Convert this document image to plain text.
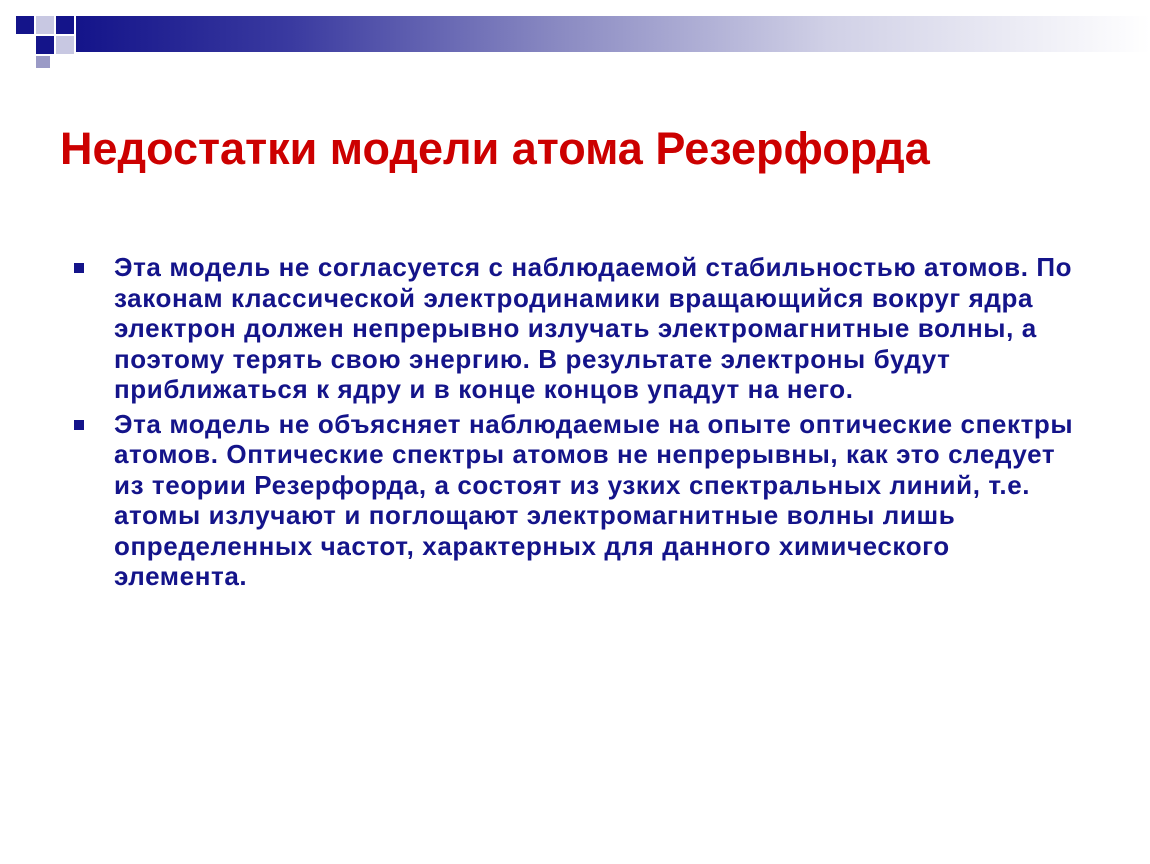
Недостатки модели атома Резерфорда
Эта модель не согласуется с наблюдаемой стабильностью атомов. По законам классической электродинамики вращающийся вокруг ядра электрон должен непрерывно излучать электромагнитные волны, а поэтому терять свою энергию. В результате электроны будут приближаться к ядру и в конце концов упадут на него.
Эта модель не объясняет наблюдаемые на опыте оптические спектры атомов. Оптические спектры атомов не непрерывны, как это следует из теории Резерфорда, а состоят из узких спектральных линий, т.е. атомы излучают и поглощают электромагнитные волны лишь определенных частот, характерных для данного химического элемента.
